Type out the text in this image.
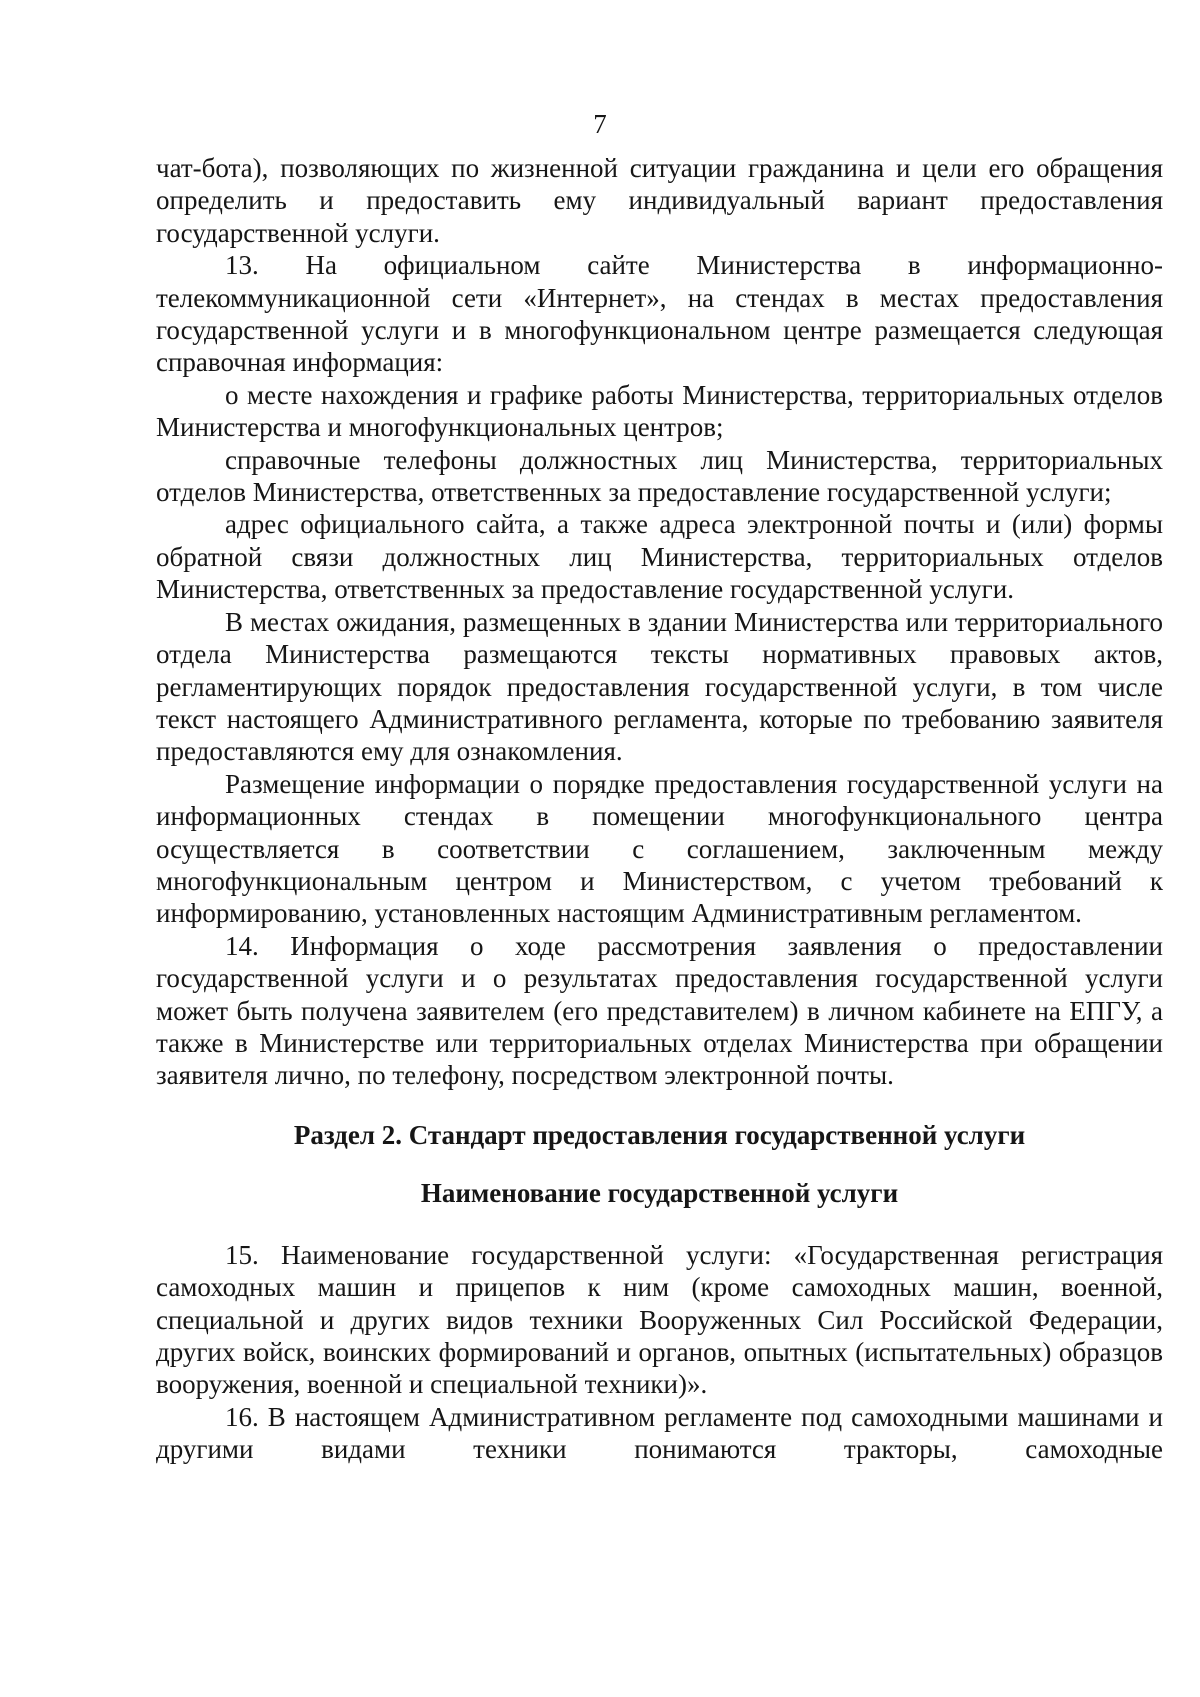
7

чат-бота), позволяющих по жизненной ситуации гражданина и цели его обращения определить и предоставить ему индивидуальный вариант предоставления государственной услуги.

13. На официальном сайте Министерства в информационно-телекоммуникационной сети «Интернет», на стендах в местах предоставления государственной услуги и в многофункциональном центре размещается следующая справочная информация:

о месте нахождения и графике работы Министерства, территориальных отделов Министерства и многофункциональных центров;

справочные телефоны должностных лиц Министерства, территориальных отделов Министерства, ответственных за предоставление государственной услуги;

адрес официального сайта, а также адреса электронной почты и (или) формы обратной связи должностных лиц Министерства, территориальных отделов Министерства, ответственных за предоставление государственной услуги.

В местах ожидания, размещенных в здании Министерства или территориального отдела Министерства размещаются тексты нормативных правовых актов, регламентирующих порядок предоставления государственной услуги, в том числе текст настоящего Административного регламента, которые по требованию заявителя предоставляются ему для ознакомления.

Размещение информации о порядке предоставления государственной услуги на информационных стендах в помещении многофункционального центра осуществляется в соответствии с соглашением, заключенным между многофункциональным центром и Министерством, с учетом требований к информированию, установленных настоящим Административным регламентом.

14. Информация о ходе рассмотрения заявления о предоставлении государственной услуги и о результатах предоставления государственной услуги может быть получена заявителем (его представителем) в личном кабинете на ЕПГУ, а также в Министерстве или территориальных отделах Министерства при обращении заявителя лично, по телефону, посредством электронной почты.

Раздел 2. Стандарт предоставления государственной услуги
Наименование государственной услуги

15. Наименование государственной услуги: «Государственная регистрация самоходных машин и прицепов к ним (кроме самоходных машин, военной, специальной и других видов техники Вооруженных Сил Российской Федерации, других войск, воинских формирований и органов, опытных (испытательных) образцов вооружения, военной и специальной техники)».

16. В настоящем Административном регламенте под самоходными машинами и другими видами техники понимаются тракторы, самоходные
